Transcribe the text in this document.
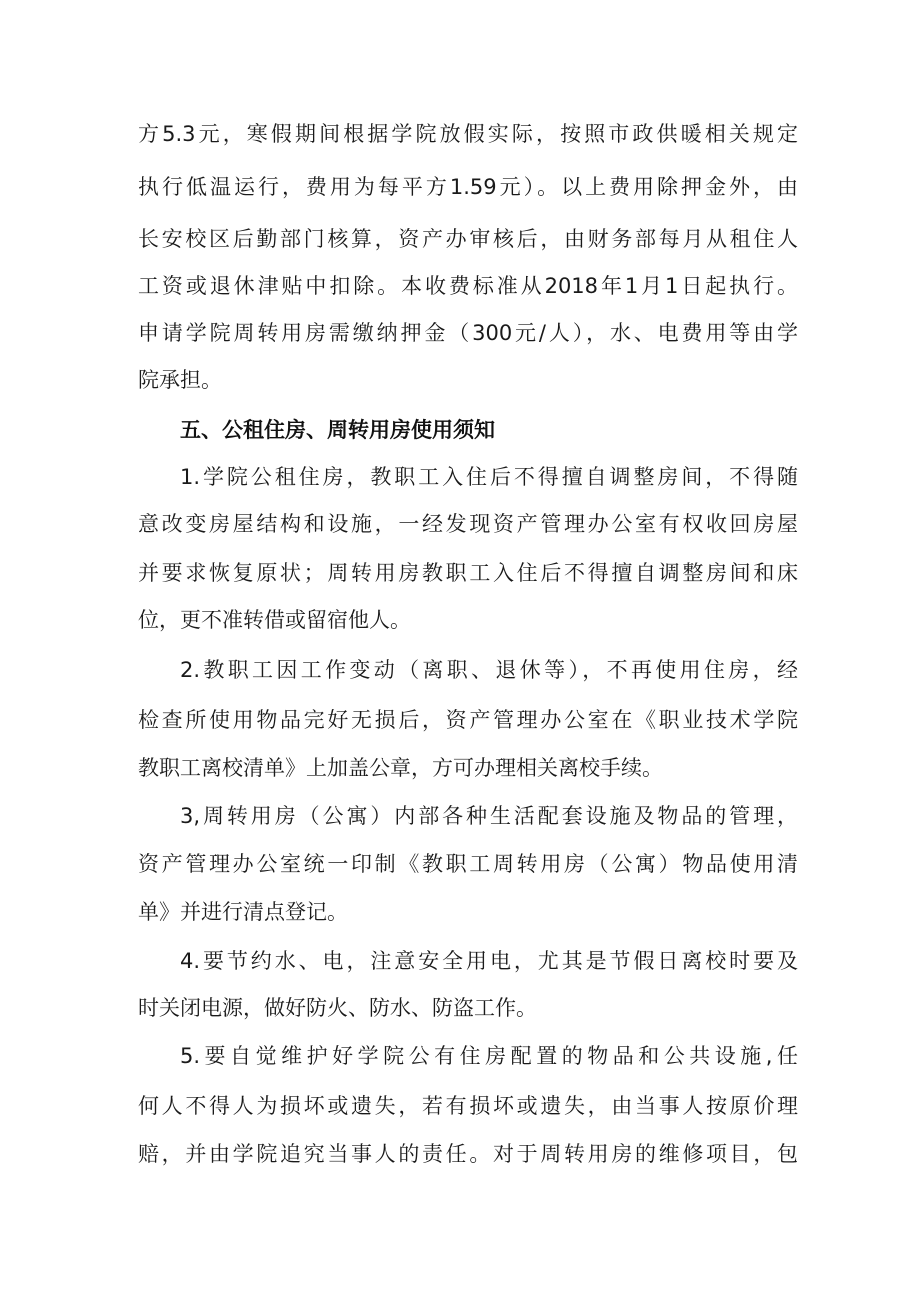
方5.3元，寒假期间根据学院放假实际，按照市政供暖相关规定

执行低温运行，费用为每平方1.59元）。以上费用除押金外，由

长安校区后勤部门核算，资产办审核后，由财务部每月从租住人

工资或退休津贴中扣除。本收费标准从2018年1月1日起执行。

申请学院周转用房需缴纳押金（300元/人），水、电费用等由学

院承担。

五、公租住房、周转用房使用须知

1.学院公租住房，教职工入住后不得擅自调整房间，不得随

意改变房屋结构和设施，一经发现资产管理办公室有权收回房屋

并要求恢复原状；周转用房教职工入住后不得擅自调整房间和床

位，更不准转借或留宿他人。

2.教职工因工作变动（离职、退休等），不再使用住房，经

检查所使用物品完好无损后，资产管理办公室在《职业技术学院

教职工离校清单》上加盖公章，方可办理相关离校手续。

3,周转用房（公寓）内部各种生活配套设施及物品的管理，

资产管理办公室统一印制《教职工周转用房（公寓）物品使用清

单》并进行清点登记。

4.要节约水、电，注意安全用电，尤其是节假日离校时要及

时关闭电源，做好防火、防水、防盗工作。

5.要自觉维护好学院公有住房配置的物品和公共设施,任

何人不得人为损坏或遗失，若有损坏或遗失，由当事人按原价理

赔，并由学院追究当事人的责任。对于周转用房的维修项目，包
